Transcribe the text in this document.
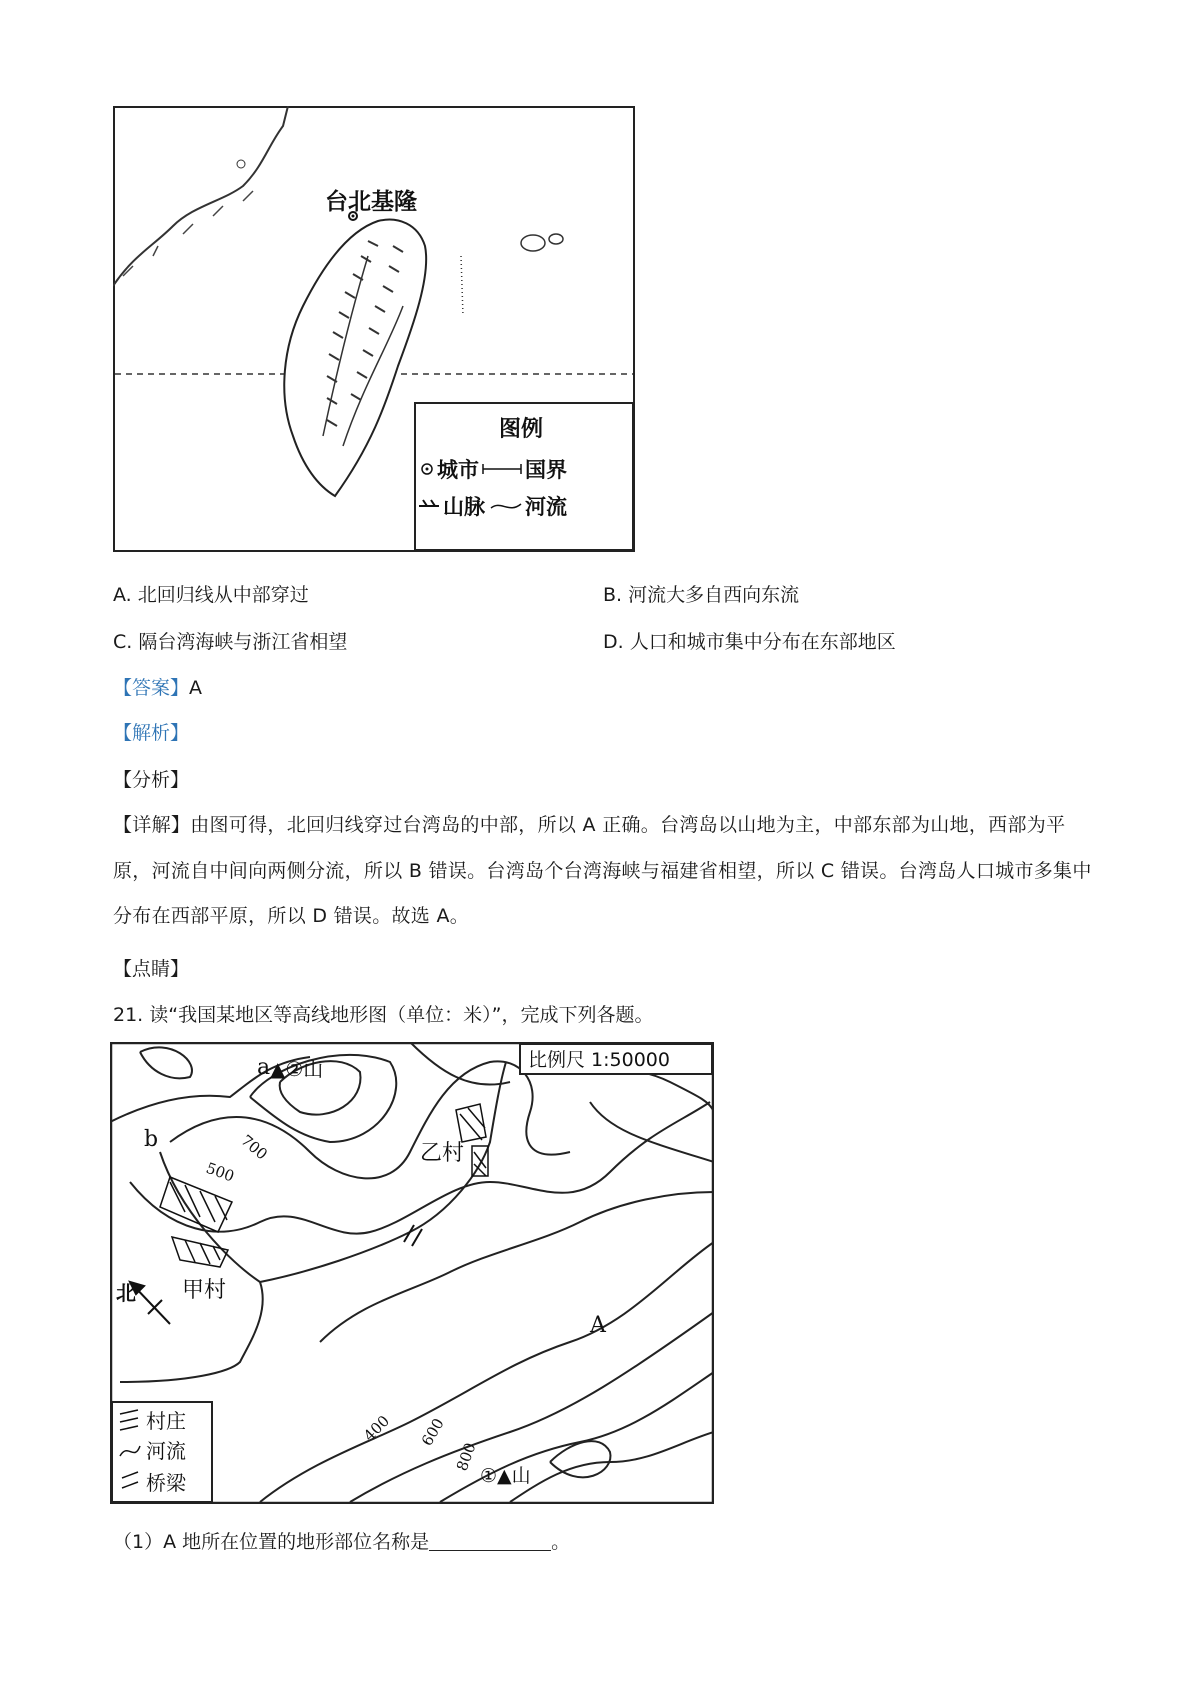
台北基隆
图例
城市 国界
山脉 河流
A. 北回归线从中部穿过	B. 河流大多自西向东流
C. 隔台湾海峡与浙江省相望	D. 人口和城市集中分布在东部地区
【答案】A
【解析】
【分析】
【详解】由图可得，北回归线穿过台湾岛的中部，所以 A 正确。台湾岛以山地为主，中部东部为山地，西部为平原，河流自中间向两侧分流，所以 B 错误。台湾岛个台湾海峡与福建省相望，所以 C 错误。台湾岛人口城市多集中分布在西部平原，所以 D 错误。故选 A。
【点睛】
21. 读“我国某地区等高线地形图（单位：米）”，完成下列各题。
北
比例尺 1:50000
a
b
▲②山
乙村
甲村
A
①▲山
700
500
400 600
800
村庄
河流
桥梁
（1）A 地所在位置的地形部位名称是	。
